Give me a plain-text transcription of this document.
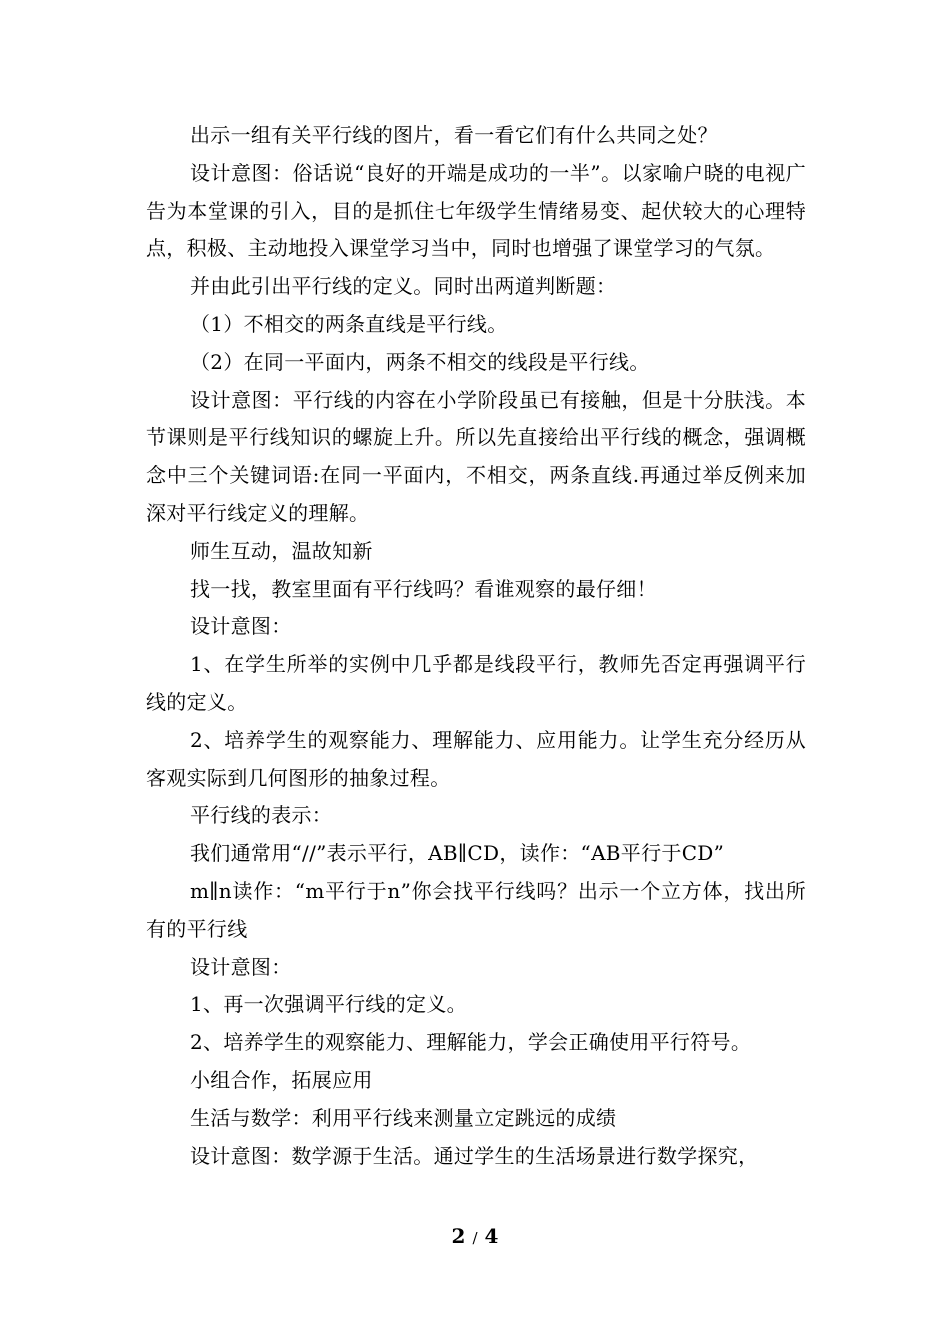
出示一组有关平行线的图片，看一看它们有什么共同之处？

设计意图：俗话说“良好的开端是成功的一半”。以家喻户晓的电视广告为本堂课的引入，目的是抓住七年级学生情绪易变、起伏较大的心理特点，积极、主动地投入课堂学习当中，同时也增强了课堂学习的气氛。

并由此引出平行线的定义。同时出两道判断题：

（1）不相交的两条直线是平行线。

（2）在同一平面内，两条不相交的线段是平行线。

设计意图：平行线的内容在小学阶段虽已有接触，但是十分肤浅。本节课则是平行线知识的螺旋上升。所以先直接给出平行线的概念，强调概念中三个关键词语:在同一平面内，不相交，两条直线.再通过举反例来加深对平行线定义的理解。

师生互动，温故知新

找一找，教室里面有平行线吗？看谁观察的最仔细！

设计意图：

1、在学生所举的实例中几乎都是线段平行，教师先否定再强调平行线的定义。

2、培养学生的观察能力、理解能力、应用能力。让学生充分经历从客观实际到几何图形的抽象过程。

平行线的表示：

我们通常用“//”表示平行，AB∥CD，读作：“AB平行于CD”

m∥n读作：“m平行于n”你会找平行线吗？出示一个立方体，找出所有的平行线

设计意图：

1、再一次强调平行线的定义。

2、培养学生的观察能力、理解能力，学会正确使用平行符号。

小组合作，拓展应用

生活与数学：利用平行线来测量立定跳远的成绩

设计意图：数学源于生活。通过学生的生活场景进行数学探究，

2 / 4
